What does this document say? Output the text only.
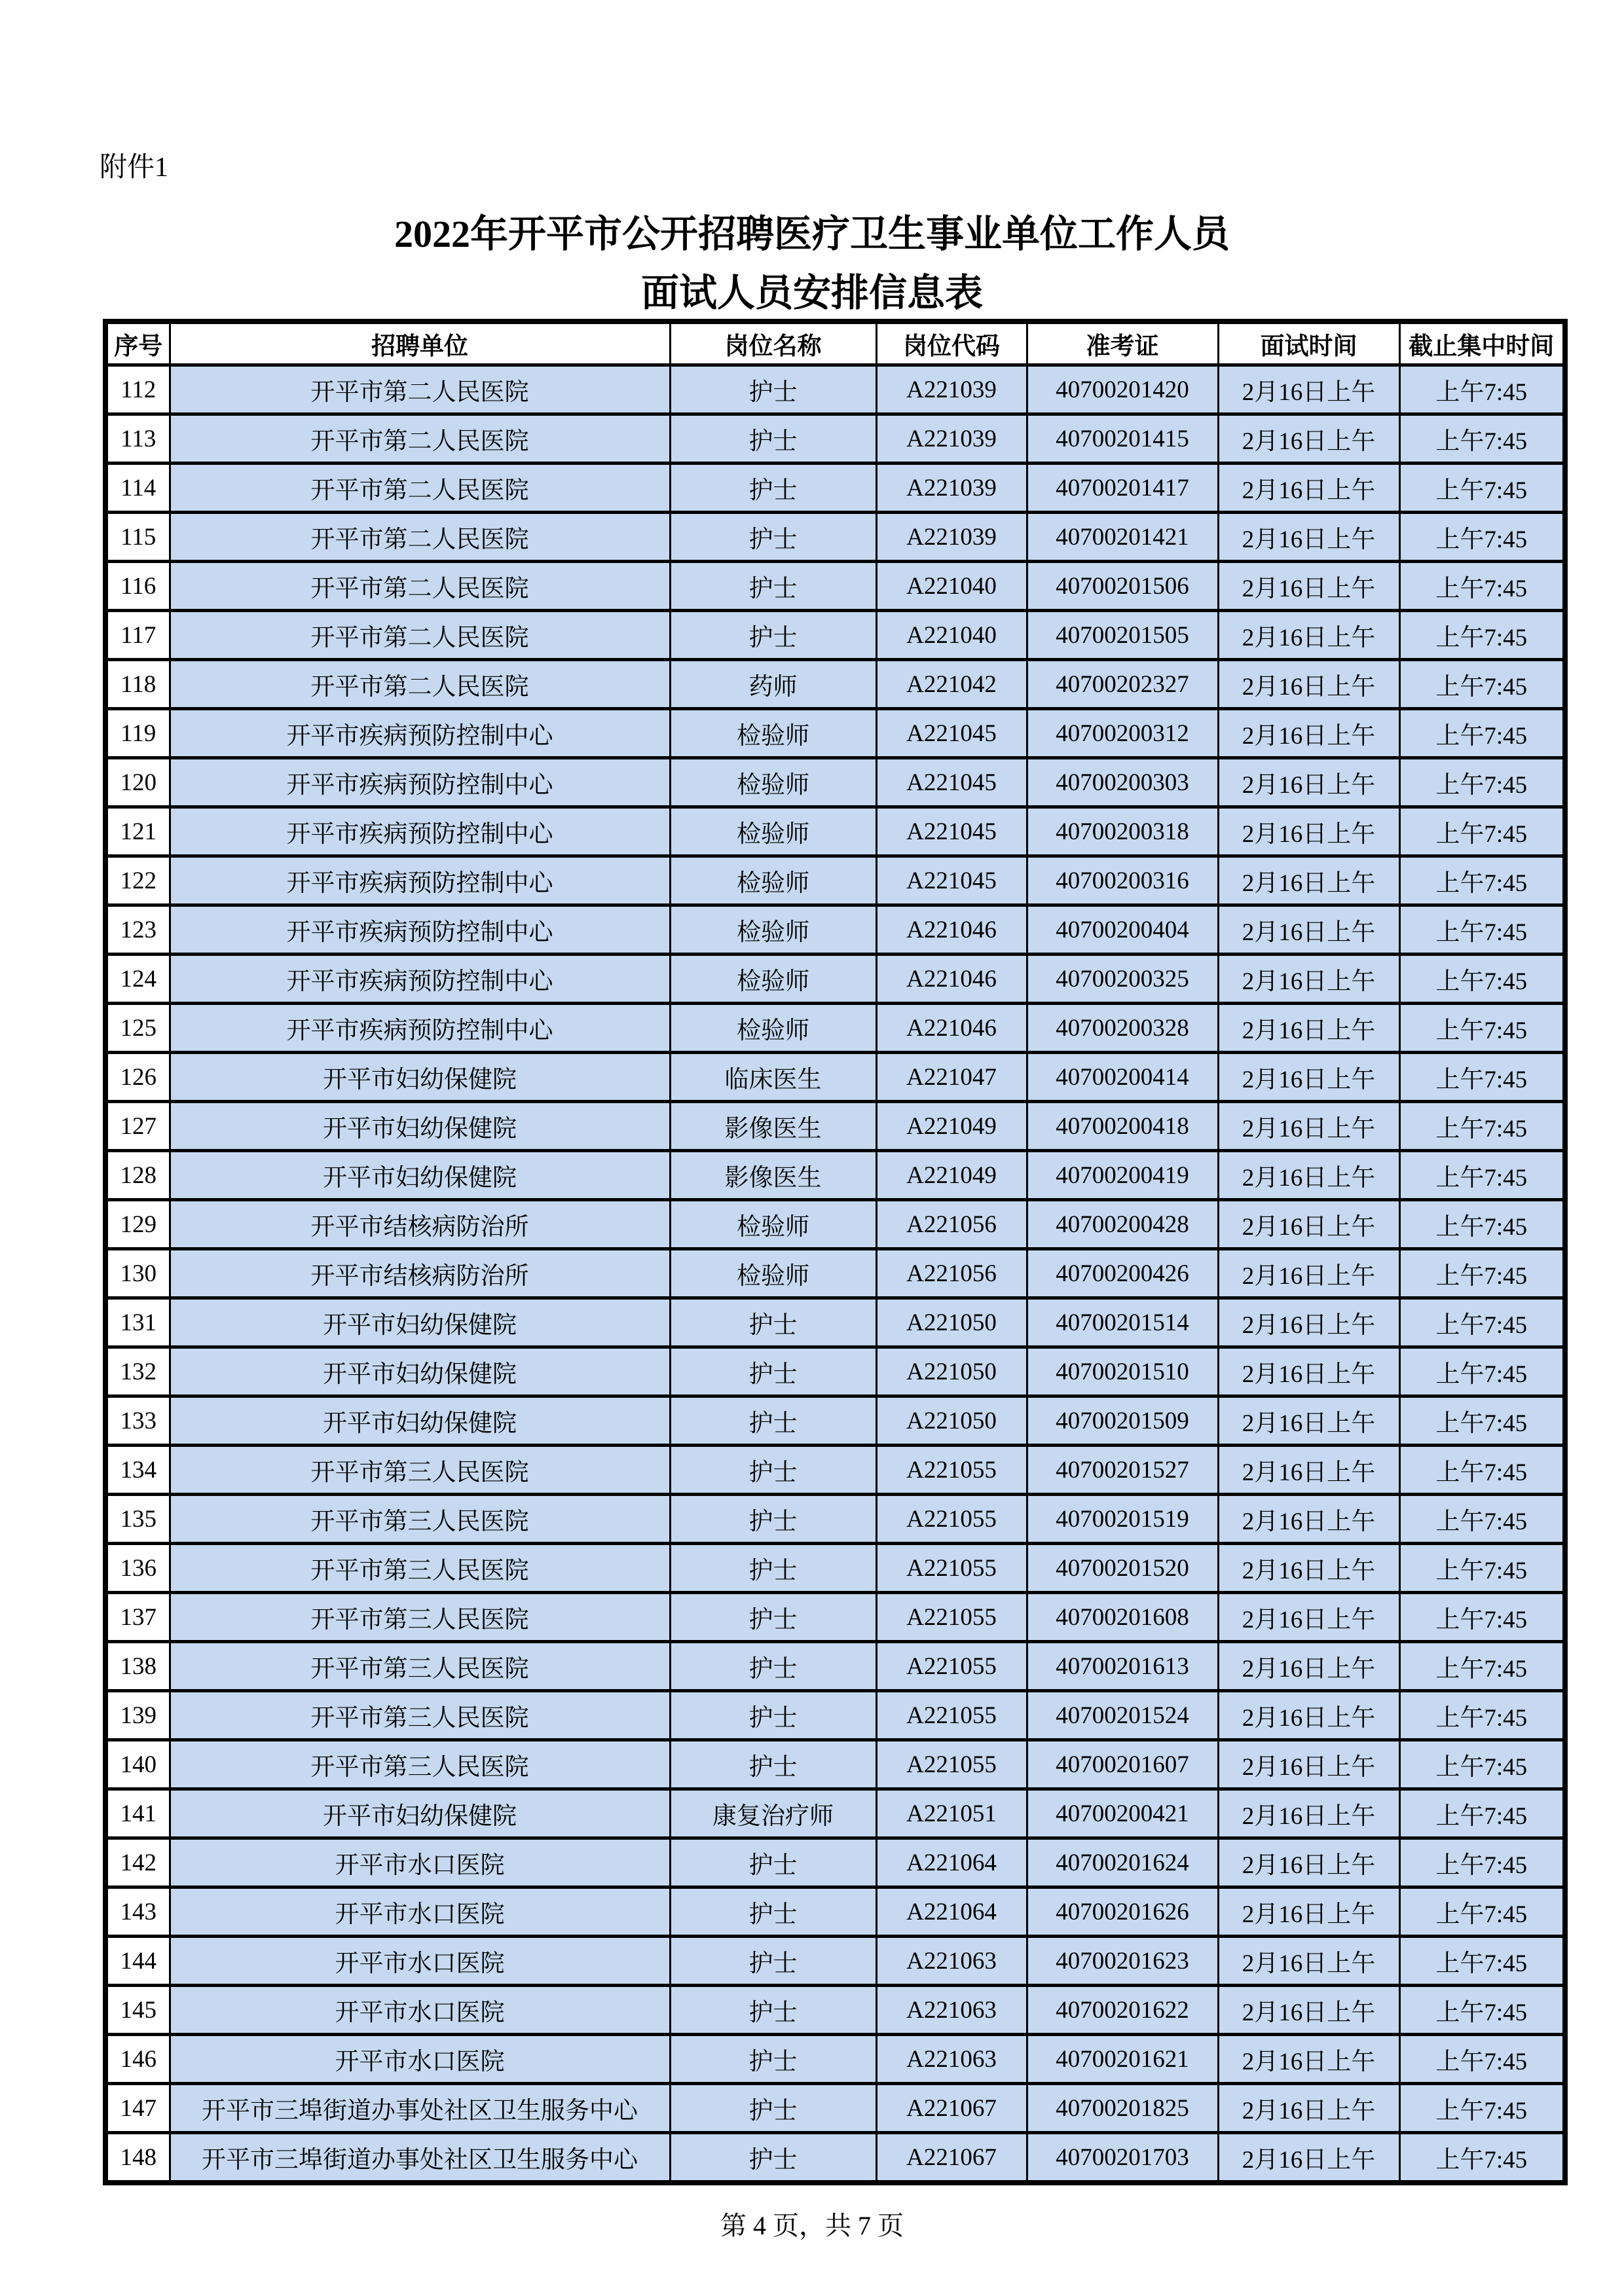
附件1
2022年开平市公开招聘医疗卫生事业单位工作人员
面试人员安排信息表
序号	招聘单位	岗位名称	岗位代码	准考证	面试时间	截止集中时间
112	开平市第二人民医院	护士	A221039	40700201420	2月16日上午	上午7:45
113	开平市第二人民医院	护士	A221039	40700201415	2月16日上午	上午7:45
114	开平市第二人民医院	护士	A221039	40700201417	2月16日上午	上午7:45
115	开平市第二人民医院	护士	A221039	40700201421	2月16日上午	上午7:45
116	开平市第二人民医院	护士	A221040	40700201506	2月16日上午	上午7:45
117	开平市第二人民医院	护士	A221040	40700201505	2月16日上午	上午7:45
118	开平市第二人民医院	药师	A221042	40700202327	2月16日上午	上午7:45
119	开平市疾病预防控制中心	检验师	A221045	40700200312	2月16日上午	上午7:45
120	开平市疾病预防控制中心	检验师	A221045	40700200303	2月16日上午	上午7:45
121	开平市疾病预防控制中心	检验师	A221045	40700200318	2月16日上午	上午7:45
122	开平市疾病预防控制中心	检验师	A221045	40700200316	2月16日上午	上午7:45
123	开平市疾病预防控制中心	检验师	A221046	40700200404	2月16日上午	上午7:45
124	开平市疾病预防控制中心	检验师	A221046	40700200325	2月16日上午	上午7:45
125	开平市疾病预防控制中心	检验师	A221046	40700200328	2月16日上午	上午7:45
126	开平市妇幼保健院	临床医生	A221047	40700200414	2月16日上午	上午7:45
127	开平市妇幼保健院	影像医生	A221049	40700200418	2月16日上午	上午7:45
128	开平市妇幼保健院	影像医生	A221049	40700200419	2月16日上午	上午7:45
129	开平市结核病防治所	检验师	A221056	40700200428	2月16日上午	上午7:45
130	开平市结核病防治所	检验师	A221056	40700200426	2月16日上午	上午7:45
131	开平市妇幼保健院	护士	A221050	40700201514	2月16日上午	上午7:45
132	开平市妇幼保健院	护士	A221050	40700201510	2月16日上午	上午7:45
133	开平市妇幼保健院	护士	A221050	40700201509	2月16日上午	上午7:45
134	开平市第三人民医院	护士	A221055	40700201527	2月16日上午	上午7:45
135	开平市第三人民医院	护士	A221055	40700201519	2月16日上午	上午7:45
136	开平市第三人民医院	护士	A221055	40700201520	2月16日上午	上午7:45
137	开平市第三人民医院	护士	A221055	40700201608	2月16日上午	上午7:45
138	开平市第三人民医院	护士	A221055	40700201613	2月16日上午	上午7:45
139	开平市第三人民医院	护士	A221055	40700201524	2月16日上午	上午7:45
140	开平市第三人民医院	护士	A221055	40700201607	2月16日上午	上午7:45
141	开平市妇幼保健院	康复治疗师	A221051	40700200421	2月16日上午	上午7:45
142	开平市水口医院	护士	A221064	40700201624	2月16日上午	上午7:45
143	开平市水口医院	护士	A221064	40700201626	2月16日上午	上午7:45
144	开平市水口医院	护士	A221063	40700201623	2月16日上午	上午7:45
145	开平市水口医院	护士	A221063	40700201622	2月16日上午	上午7:45
146	开平市水口医院	护士	A221063	40700201621	2月16日上午	上午7:45
147	开平市三埠街道办事处社区卫生服务中心	护士	A221067	40700201825	2月16日上午	上午7:45
148	开平市三埠街道办事处社区卫生服务中心	护士	A221067	40700201703	2月16日上午	上午7:45
第 4 页，共 7 页
